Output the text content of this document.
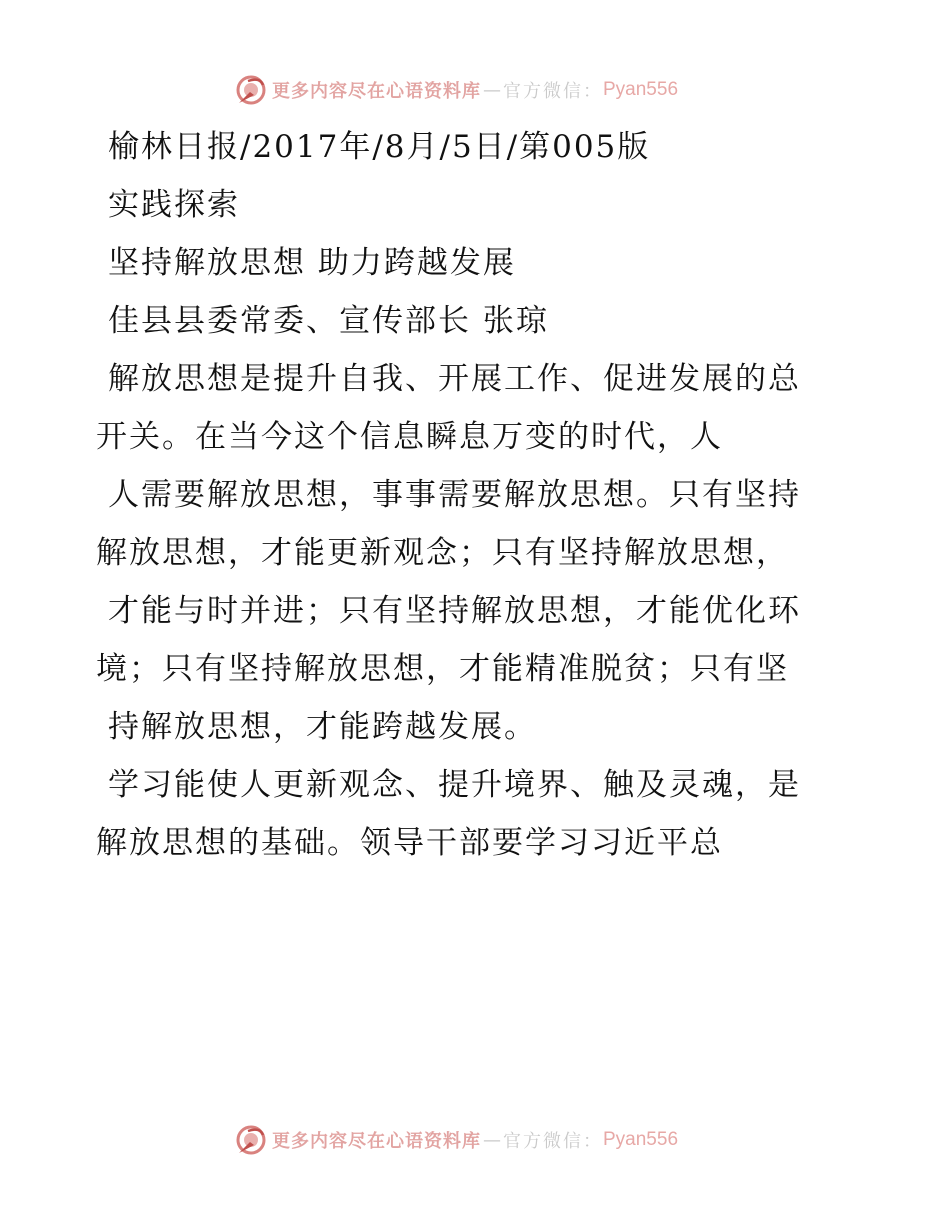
更多内容尽在心语资料库 — 官方微信： Pyan556
榆林日报/2017年/8月/5日/第005版
实践探索
坚持解放思想 助力跨越发展
佳县县委常委、宣传部长 张琼
解放思想是提升自我、开展工作、促进发展的总
开关。在当今这个信息瞬息万变的时代，人
人需要解放思想，事事需要解放思想。只有坚持
解放思想，才能更新观念；只有坚持解放思想，
才能与时并进；只有坚持解放思想，才能优化环
境；只有坚持解放思想，才能精准脱贫；只有坚
持解放思想，才能跨越发展。
学习能使人更新观念、提升境界、触及灵魂，是
解放思想的基础。领导干部要学习习近平总
更多内容尽在心语资料库 — 官方微信： Pyan556
